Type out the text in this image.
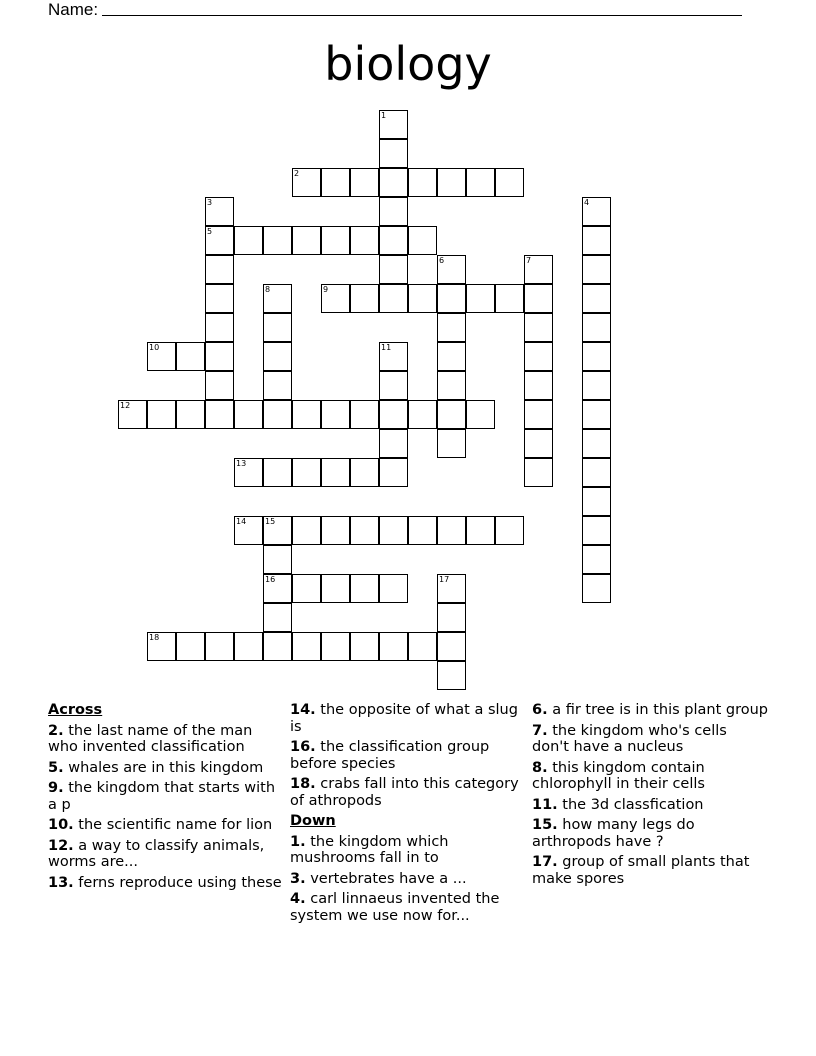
Name:
biology
1
2
3
5
4
6	7
8	9
10	11
12
13
14 15
16	17
18
Across
2. the last name of the man who invented classification
5. whales are in this kingdom
9. the kingdom that starts with a p
10. the scientific name for lion
12. a way to classify animals, worms are...
13. ferns reproduce using these
14. the opposite of what a slug is
16. the classification group before species
18. crabs fall into this category of athropods
Down
1. the kingdom which mushrooms fall in to
3. vertebrates have a ...
4. carl linnaeus invented the system we use now for...
6. a fir tree is in this plant group
7. the kingdom who's cells don't have a nucleus
8. this kingdom contain chlorophyll in their cells
11. the 3d classfication
15. how many legs do arthropods have ?
17. group of small plants that make spores
